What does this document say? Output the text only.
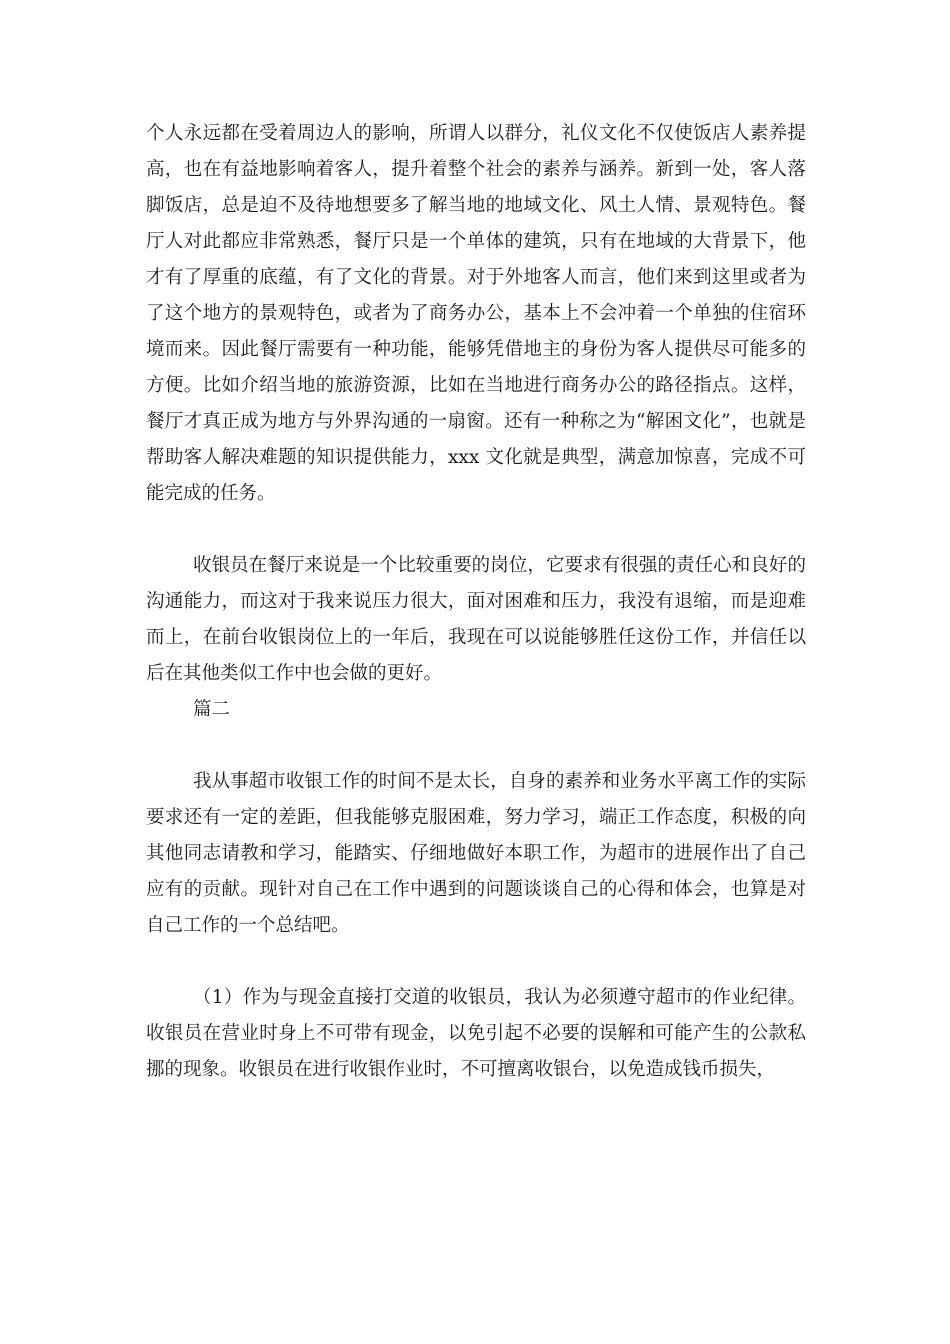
个人永远都在受着周边人的影响，所谓人以群分，礼仪文化不仅使饭店人素养提高，也在有益地影响着客人，提升着整个社会的素养与涵养。新到一处，客人落脚饭店，总是迫不及待地想要多了解当地的地域文化、风土人情、景观特色。餐厅人对此都应非常熟悉，餐厅只是一个单体的建筑，只有在地域的大背景下，他才有了厚重的底蕴，有了文化的背景。对于外地客人而言，他们来到这里或者为了这个地方的景观特色，或者为了商务办公，基本上不会冲着一个单独的住宿环境而来。因此餐厅需要有一种功能，能够凭借地主的身份为客人提供尽可能多的方便。比如介绍当地的旅游资源，比如在当地进行商务办公的路径指点。这样，餐厅才真正成为地方与外界沟通的一扇窗。还有一种称之为“解困文化”，也就是帮助客人解决难题的知识提供能力，xxx 文化就是典型，满意加惊喜，完成不可能完成的任务。

收银员在餐厅来说是一个比较重要的岗位，它要求有很强的责任心和良好的沟通能力，而这对于我来说压力很大，面对困难和压力，我没有退缩，而是迎难而上，在前台收银岗位上的一年后，我现在可以说能够胜任这份工作，并信任以后在其他类似工作中也会做的更好。

篇二

我从事超市收银工作的时间不是太长，自身的素养和业务水平离工作的实际要求还有一定的差距，但我能够克服困难，努力学习，端正工作态度，积极的向其他同志请教和学习，能踏实、仔细地做好本职工作，为超市的进展作出了自己应有的贡献。现针对自己在工作中遇到的问题谈谈自己的心得和体会，也算是对自己工作的一个总结吧。

（1）作为与现金直接打交道的收银员，我认为必须遵守超市的作业纪律。收银员在营业时身上不可带有现金，以免引起不必要的误解和可能产生的公款私挪的现象。收银员在进行收银作业时，不可擅离收银台，以免造成钱币损失，
